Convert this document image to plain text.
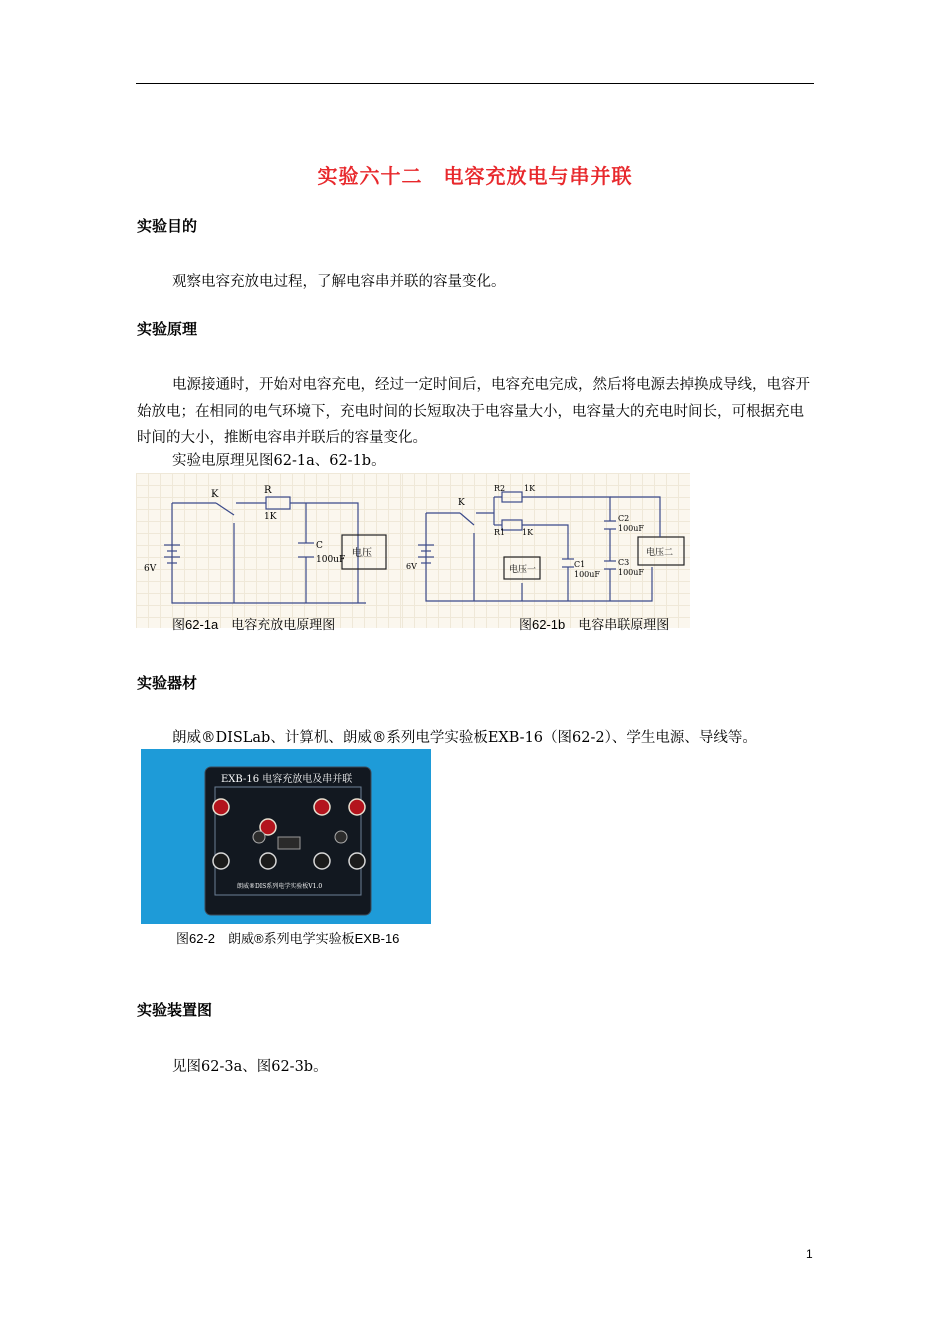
实验六十二　电容充放电与串并联
实验目的
观察电容充放电过程，了解电容串并联的容量变化。
实验原理
电源接通时，开始对电容充电，经过一定时间后，电容充电完成，然后将电源去掉换成导线，电容开始放电；在相同的电气环境下，充电时间的长短取决于电容量大小，电容量大的充电时间长，可根据充电时间的大小，推断电容串并联后的容量变化。
实验电原理见图62-1a、62-1b。
K	R
1K
C
100uF
6V
电压
图62-1a　电容充放电原理图
K
R2 1K
R1 1K
C1
100uF
C2
100uF
C3
100uF
6V	电压一
电压二
图62-1b　电容串联原理图
实验器材
朗威®DISLab、计算机、朗威®系列电学实验板EXB-16（图62-2）、学生电源、导线等。
EXB-16 电容充放电及串并联
朗威®DIS系列电学实验板V1.0
图62-2　朗威®系列电学实验板EXB-16
实验装置图
见图62-3a、图62-3b。
1
